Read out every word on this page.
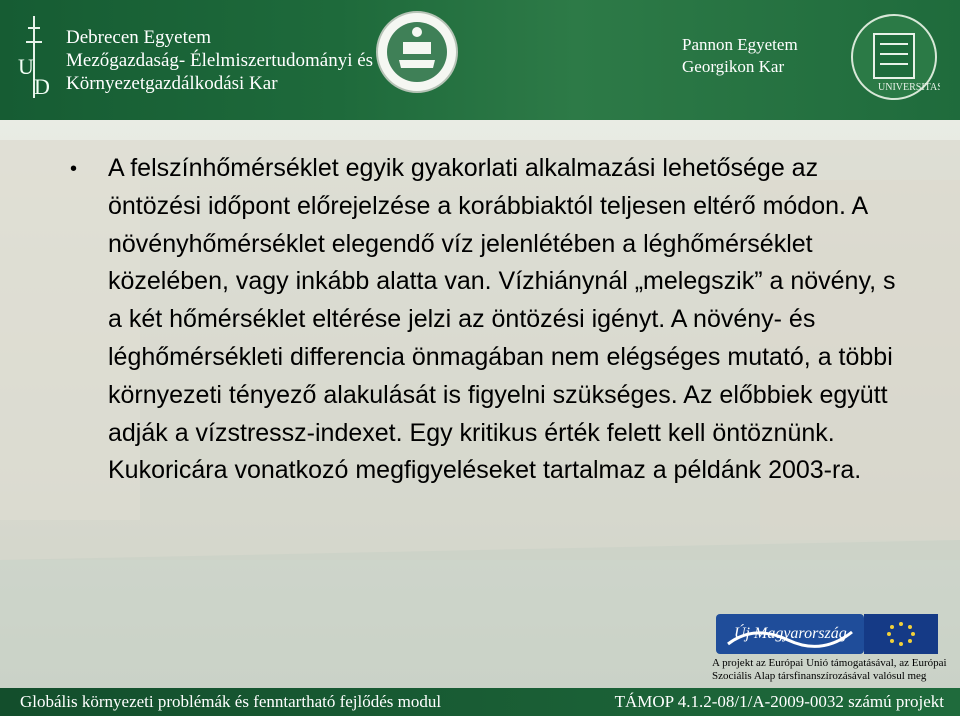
U
D
Debrecen Egyetem
Mezőgazdaság- Élelmiszertudományi és
Környezetgazdálkodási Kar
Pannon Egyetem
Georgikon Kar
UNIVERSITAS
•	A felszínhőmérséklet egyik gyakorlati alkalmazási lehetősége az öntözési időpont előrejelzése a korábbiaktól teljesen eltérő módon. A növényhőmérséklet elegendő víz jelenlétében a léghőmérséklet közelében, vagy inkább alatta van. Vízhiánynál „melegszik” a növény, s a két hőmérséklet eltérése jelzi az öntözési igényt. A növény- és léghőmérsékleti differencia önmagában nem elégséges mutató, a többi környezeti tényező alakulását is figyelni szükséges. Az előbbiek együtt adják a vízstressz-indexet. Egy kritikus érték felett kell öntöznünk. Kukoricára vonatkozó megfigyeléseket tartalmaz a példánk 2003-ra.
Új Magyarország
A projekt az Európai Unió támogatásával, az Európai
Szociális Alap társfinanszírozásával valósul meg
Globális környezeti problémák és fenntartható fejlődés modul	TÁMOP 4.1.2-08/1/A-2009-0032 számú projekt
